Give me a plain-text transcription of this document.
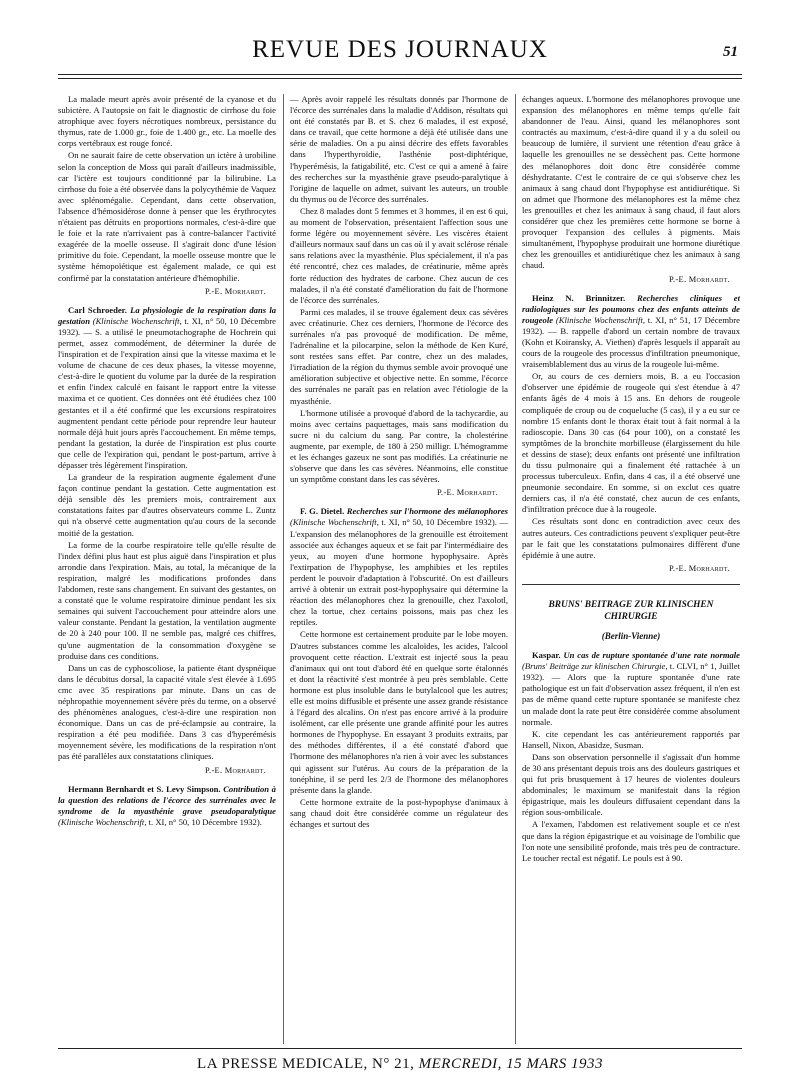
REVUE DES JOURNAUX	51

La malade meurt après avoir présenté de la cyanose et du subictère. A l'autopsie on fait le diagnostic de cirrhose du foie atrophique avec foyers nécrotiques nombreux, persistance du thymus, rate de 1.000 gr., foie de 1.400 gr., etc. La moelle des corps vertébraux est rouge foncé.

On ne saurait faire de cette observation un ictère à urobiline selon la conception de Moss qui paraît d'ailleurs inadmissible, car l'ictère est toujours conditionné par la bilirubine. La cirrhose du foie a été observée dans la polycythémie de Vaquez avec splénomégalie. Cependant, dans cette observation, l'absence d'hémosidérose donne à penser que les érythrocytes n'étaient pas détruits en proportions normales, c'est-à-dire que le foie et la rate n'arrivaient pas à contre-balancer l'activité exagérée de la moelle osseuse. Il s'agirait donc d'une lésion primitive du foie. Cependant, la moelle osseuse montre que le système hémopoïétique est également malade, ce qui est confirmé par la constatation antérieure d'hémophilie.

P.-E. Morhardt.

Carl Schroeder. La physiologie de la respiration dans la gestation (Klinische Wochenschrift, t. XI, n° 50, 10 Décembre 1932). — S. a utilisé le pneumotachographe de Hochrein qui permet, assez commodément, de déterminer la durée de l'inspiration et de l'expiration ainsi que la vitesse maxima et le volume de chacune de ces deux phases, la vitesse moyenne, c'est-à-dire le quotient du volume par la durée de la respiration et enfin l'index calculé en faisant le rapport entre la vitesse maxima et ce quotient. Ces données ont été étudiées chez 100 gestantes et il a été confirmé que les excursions respiratoires augmentent pendant cette période pour reprendre leur hauteur normale déjà huit jours après l'accouchement. En même temps, pendant la gestation, la durée de l'inspiration est plus courte que celle de l'expiration qui, pendant le post-partum, arrive à dépasser très légèrement l'inspiration.

La grandeur de la respiration augmente également d'une façon continue pendant la gestation. Cette augmentation est déjà sensible dès les premiers mois, contrairement aux constatations faites par d'autres observateurs comme L. Zuntz qui n'a observé cette augmentation qu'au cours de la seconde moitié de la gestation.

La forme de la courbe respiratoire telle qu'elle résulte de l'index défini plus haut est plus aiguë dans l'inspiration et plus arrondie dans l'expiration. Mais, au total, la mécanique de la respiration, malgré les modifications profondes dans l'abdomen, reste sans changement. En suivant des gestantes, on a constaté que le volume respiratoire diminue pendant les six semaines qui suivent l'accouchement pour atteindre alors une valeur constante. Pendant la gestation, la ventilation augmente de 20 à 240 pour 100. Il ne semble pas, malgré ces chiffres, qu'une augmentation de la consommation d'oxygène se produise dans ces conditions.

Dans un cas de cyphoscoliose, la patiente étant dyspnéique dans le décubitus dorsal, la capacité vitale s'est élevée à 1.695 cmc avec 35 respirations par minute. Dans un cas de néphropathie moyennement sévère près du terme, on a observé des phénomènes analogues, c'est-à-dire une respiration non économique. Dans un cas de pré-éclampsie au contraire, la respiration a été peu modifiée. Dans 3 cas d'hyperémésis moyennement sévère, les modifications de la respiration n'ont pas été parallèles aux constatations cliniques.

P.-E. Morhardt.

Hermann Bernhardt et S. Levy Simpson. Contribution à la question des relations de l'écorce des surrénales avec le syndrome de la myasthénie grave pseudoparalytique (Klinische Wochenschrift, t. XI, n° 50, 10 Décembre 1932).

— Après avoir rappelé les résultats donnés par l'hormone de l'écorce des surrénales dans la maladie d'Addison, résultats qui ont été constatés par B. et S. chez 6 malades, il est exposé, dans ce travail, que cette hormone a déjà été utilisée dans une série de maladies. On a pu ainsi décrire des effets favorables dans l'hyperthyroïdie, l'asthénie post-diphtérique, l'hyperémésis, la fatigabilité, etc. C'est ce qui a amené à faire des recherches sur la myasthénie grave pseudo-paralytique à l'origine de laquelle on admet, suivant les auteurs, un trouble du thymus ou de l'écorce des surrénales.

Chez 8 malades dont 5 femmes et 3 hommes, il en est 6 qui, au moment de l'observation, présentaient l'affection sous une forme légère ou moyennement sévère. Les viscères étaient d'ailleurs normaux sauf dans un cas où il y avait sclérose rénale sans relations avec la myasthénie. Plus spécialement, il n'a pas été rencontré, chez ces malades, de créatinurie, même après forte réduction des hydrates de carbone. Chez aucun de ces malades, il n'a été constaté d'amélioration du fait de l'hormone de l'écorce des surrénales.

Parmi ces malades, il se trouve également deux cas sévères avec créatinurie. Chez ces derniers, l'hormone de l'écorce des surrénales n'a pas provoqué de modification. De même, l'adrénaline et la pilocarpine, selon la méthode de Ken Kuré, sont restées sans effet. Par contre, chez un des malades, l'irradiation de la région du thymus semble avoir provoqué une amélioration subjective et objective nette. En somme, l'écorce des surrénales ne paraît pas en relation avec l'étiologie de la myasthénie.

L'hormone utilisée a provoqué d'abord de la tachycardie, au moins avec certains paquettages, mais sans modification du sucre ni du calcium du sang. Par contre, la cholestérine augmente, par exemple, de 180 à 250 milligr. L'hémogramme et les échanges gazeux ne sont pas modifiés. La créatinurie ne s'observe que dans les cas sévères. Néanmoins, elle constitue un symptôme constant dans les cas sévères.

P.-E. Morhardt.

F. G. Dietel. Recherches sur l'hormone des mélanophores (Klinische Wochenschrift, t. XI, n° 50, 10 Décembre 1932). — L'expansion des mélanophores de la grenouille est étroitement associée aux échanges aqueux et se fait par l'intermédiaire des yeux, au moyen d'une hormone hypophysaire. Après l'extirpation de l'hypophyse, les amphibies et les reptiles perdent le pouvoir d'adaptation à l'obscurité. On est d'ailleurs arrivé à obtenir un extrait post-hypophysaire qui détermine la réaction des mélanophores chez la grenouille, chez l'axolotl, chez la tortue, chez certains poissons, mais pas chez les reptiles.

Cette hormone est certainement produite par le lobe moyen. D'autres substances comme les alcaloïdes, les acides, l'alcool provoquent cette réaction. L'extrait est injecté sous la peau d'animaux qui ont tout d'abord été en quelque sorte étalonnés et dont la réactivité s'est montrée à peu près semblable. Cette hormone est plus insoluble dans le butylalcool que les autres; elle est moins diffusible et présente une assez grande résistance à l'égard des alcalins. On n'est pas encore arrivé à la produire isolément, car elle présente une grande affinité pour les autres hormones de l'hypophyse. En essayant 3 produits extraits, par des méthodes différentes, il a été constaté d'abord que l'hormone des mélanophores n'a rien à voir avec les substances qui agissent sur l'utérus. Au cours de la préparation de la tonéphine, il se perd les 2/3 de l'hormone des mélanophores présente dans la glande.

Cette hormone extraite de la post-hypophyse d'animaux à sang chaud doit être considérée comme un régulateur des échanges et surtout des

échanges aqueux. L'hormone des mélanophores provoque une expansion des mélanophores en même temps qu'elle fait abandonner de l'eau. Ainsi, quand les mélanophores sont contractés au maximum, c'est-à-dire quand il y a du soleil ou beaucoup de lumière, il survient une rétention d'eau grâce à laquelle les grenouilles ne se dessèchent pas. Cette hormone des mélanophores doit donc être considérée comme déshydratante. C'est le contraire de ce qui s'observe chez les animaux à sang chaud dont l'hypophyse est antidiurétique. Si on admet que l'hormone des mélanophores est la même chez les grenouilles et chez les animaux à sang chaud, il faut alors considérer que chez les premières cette hormone se borne à provoquer l'expansion des cellules à pigments. Mais simultanément, l'hypophyse produirait une hormone diurétique chez les grenouilles et antidiurétique chez les animaux à sang chaud.

P.-E. Morhardt.

Heinz N. Brinnitzer. Recherches cliniques et radiologiques sur les poumons chez des enfants atteints de rougeole (Klinische Wochenschrift, t. XI, n° 51, 17 Décembre 1932). — B. rappelle d'abord un certain nombre de travaux (Kohn et Koiransky, A. Viethen) d'après lesquels il apparaît au cours de la rougeole des processus d'infiltration pneumonique, vraisemblablement dus au virus de la rougeole lui-même.

Or, au cours de ces derniers mois, B. a eu l'occasion d'observer une épidémie de rougeole qui s'est étendue à 47 enfants âgés de 4 mois à 15 ans. En dehors de rougeole compliquée de croup ou de coqueluche (5 cas), il y a eu sur ce nombre 15 enfants dont le thorax était tout à fait normal à la radioscopie. Dans 30 cas (64 pour 100), on a constaté les symptômes de la bronchite morbilleuse (élargissement du hile et dessins de stase); deux enfants ont présenté une infiltration du tissu pulmonaire qui a finalement été rattachée à un processus tuberculeux. Enfin, dans 4 cas, il a été observé une pneumonie secondaire. En somme, si on exclut ces quatre derniers cas, il n'a été constaté, chez aucun de ces enfants, d'infiltration précoce due à la rougeole.

Ces résultats sont donc en contradiction avec ceux des autres auteurs. Ces contradictions peuvent s'expliquer peut-être par le fait que les constatations pulmonaires diffèrent d'une épidémie à une autre.

P.-E. Morhardt.
BRUNS' BEITRAGE ZUR KLINISCHEN CHIRURGIE
(Berlin-Vienne)

Kaspar. Un cas de rupture spontanée d'une rate normale (Bruns' Beiträge zur klinischen Chirurgie, t. CLVI, n° 1, Juillet 1932). — Alors que la rupture spontanée d'une rate pathologique est un fait d'observation assez fréquent, il n'en est pas de même quand cette rupture spontanée se manifeste chez un malade dont la rate peut être considérée comme absolument normale.

K. cite cependant les cas antérieurement rapportés par Hansell, Nixon, Abasidze, Susman.

Dans son observation personnelle il s'agissait d'un homme de 30 ans présentant depuis trois ans des douleurs gastriques et qui fut pris brusquement à 17 heures de violentes douleurs abdominales; le maximum se manifestait dans la région épigastrique, mais les douleurs diffusaient cependant dans la région sous-ombilicale.

A l'examen, l'abdomen est relativement souple et ce n'est que dans la région épigastrique et au voisinage de l'ombilic que l'on note une sensibilité profonde, mais très peu de contracture. Le toucher rectal est négatif. Le pouls est à 90.

LA PRESSE MEDICALE, N° 21, MERCREDI, 15 MARS 1933
